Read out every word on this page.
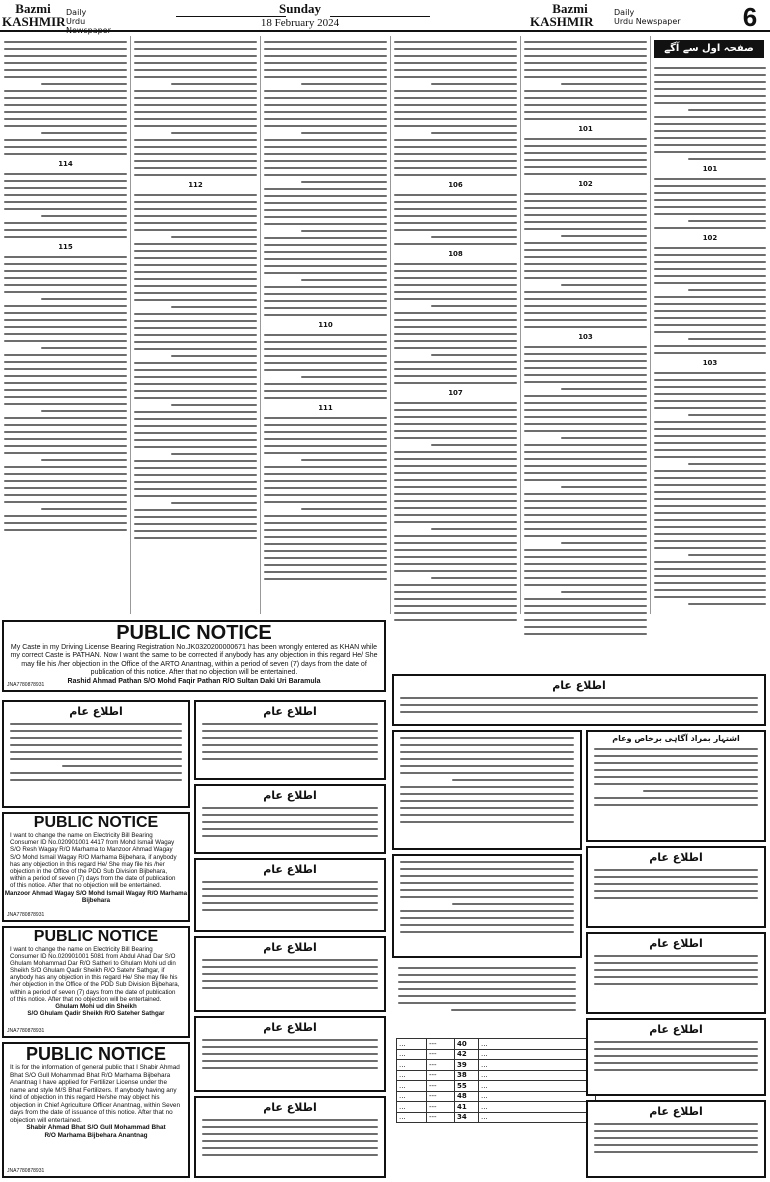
Bazmi
KASHMIR
Daily
Urdu Newspaper
Sunday
18 February 2024
Bazmi
KASHMIR
Daily
Urdu Newspaper	6
صفحہ اول سے آگے
114
115
112
110
111
106
108
107
101
102
103
101
102
103
PUBLIC NOTICE
My Caste in my Driving License Bearing Registration No.JK0320200000671 has been wrongly entered as KHAN while my correct Caste is PATHAN. Now I want the same to be corrected if anybody has any objection in this regard He/ She may file his /her objection in the Office of the ARTO Anantnag, within a period of seven (7) days from the date of publication of this notice. After that no objection will be entertained.
Rashid Ahmad Pathan S/O Mohd Faqir Pathan R/O Sultan Daki Uri Baramula
JNA7780878931
اطلاع عام
PUBLIC NOTICE
I want to change the name on Electricity Bill Bearing Consumer ID No.020901001 4417 from Mohd Ismail Wagay S/O Resh Wagay R/O Marhama to Manzoor Ahmad Wagay S/O Mohd Ismail Wagay R/O Marhama Bijbehara, if anybody has any objection in this regard He/ She may file his /her objection in the Office of the PDD Sub Division Bijbehara, within a period of seven (7) days from the date of publication of this notice. After that no objection will be entertained.
Manzoor Ahmad Wagay S/O Mohd Ismail Wagay R/O Marhama Bijbehara
JNA7780878931
PUBLIC NOTICE
I want to change the name on Electricity Bill Bearing Consumer ID No.020901001 5081 from Abdul Ahad Dar S/O Ghulam Mohammad Dar R/O Satheri to Ghulam Mohi ud din Sheikh S/O Ghulam Qadir Sheikh R/O Satehr Sathgar, if anybody has any objection in this regard He/ She may file his /her objection in the Office of the PDD Sub Division Bijbehara, within a period of seven (7) days from the date of publication of this notice. After that no objection will be entertained.
Ghulam Mohi ud din Sheikh
S/O Ghulam Qadir Sheikh R/O Sateher Sathgar
JNA7780878931
PUBLIC NOTICE
It is for the information of general public that I Shabir Ahmad Bhat S/O Gull Mohammad Bhat R/O Marhama Bijbehara Anantnag I have applied for Fertilizer License under the name and style M/S Bhat Fertilizers. If anybody having any kind of objection in this regard He/she may object his objection in Chief Agriculture Officer Anantnag, within Seven days from the date of issuance of this notice. After that no objection will entertained.
Shabir Ahmad Bhat S/O Gull Mohammad Bhat
R/O Marhama Bijbehara Anantnag
JNA7780878931
اطلاع عام
اطلاع عام
اطلاع عام
اطلاع عام
اطلاع عام
اطلاع عام
اطلاع عام
...	---	40	...
...	---	42	...
...	---	39	...
...	---	38	...
...	---	55	...
...	---	48	...
...	---	41	...
...	---	34	...
اشتہار بمراد آگاہی برخاص وعام
اطلاع عام
اطلاع عام
اطلاع عام
اطلاع عام
